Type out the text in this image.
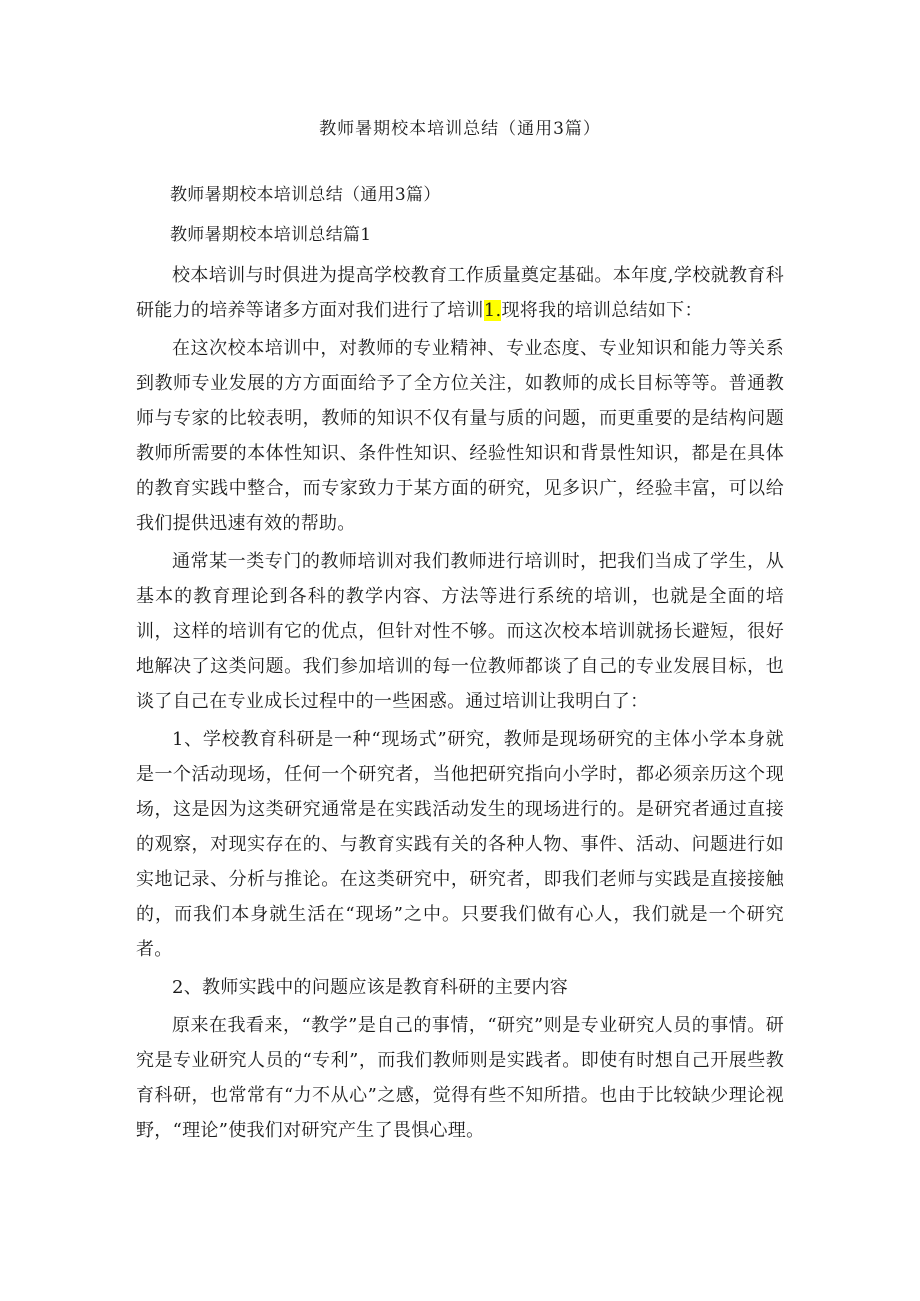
教师暑期校本培训总结（通用3篇）

教师暑期校本培训总结（通用3篇）

教师暑期校本培训总结篇1

校本培训与时俱进为提高学校教育工作质量奠定基础。本年度,学校就教育科研能力的培养等诸多方面对我们进行了培训1.现将我的培训总结如下：

在这次校本培训中，对教师的专业精神、专业态度、专业知识和能力等关系到教师专业发展的方方面面给予了全方位关注，如教师的成长目标等等。普通教师与专家的比较表明，教师的知识不仅有量与质的问题，而更重要的是结构问题教师所需要的本体性知识、条件性知识、经验性知识和背景性知识，都是在具体的教育实践中整合，而专家致力于某方面的研究，见多识广，经验丰富，可以给我们提供迅速有效的帮助。

通常某一类专门的教师培训对我们教师进行培训时，把我们当成了学生，从基本的教育理论到各科的教学内容、方法等进行系统的培训，也就是全面的培训，这样的培训有它的优点，但针对性不够。而这次校本培训就扬长避短，很好地解决了这类问题。我们参加培训的每一位教师都谈了自己的专业发展目标，也谈了自己在专业成长过程中的一些困惑。通过培训让我明白了：

1、学校教育科研是一种“现场式”研究，教师是现场研究的主体小学本身就是一个活动现场，任何一个研究者，当他把研究指向小学时，都必须亲历这个现场，这是因为这类研究通常是在实践活动发生的现场进行的。是研究者通过直接的观察，对现实存在的、与教育实践有关的各种人物、事件、活动、问题进行如实地记录、分析与推论。在这类研究中，研究者，即我们老师与实践是直接接触的，而我们本身就生活在“现场”之中。只要我们做有心人，我们就是一个研究者。

2、教师实践中的问题应该是教育科研的主要内容

原来在我看来，“教学”是自己的事情，“研究”则是专业研究人员的事情。研究是专业研究人员的“专利”，而我们教师则是实践者。即使有时想自己开展些教育科研，也常常有“力不从心”之感，觉得有些不知所措。也由于比较缺少理论视野，“理论”使我们对研究产生了畏惧心理。
